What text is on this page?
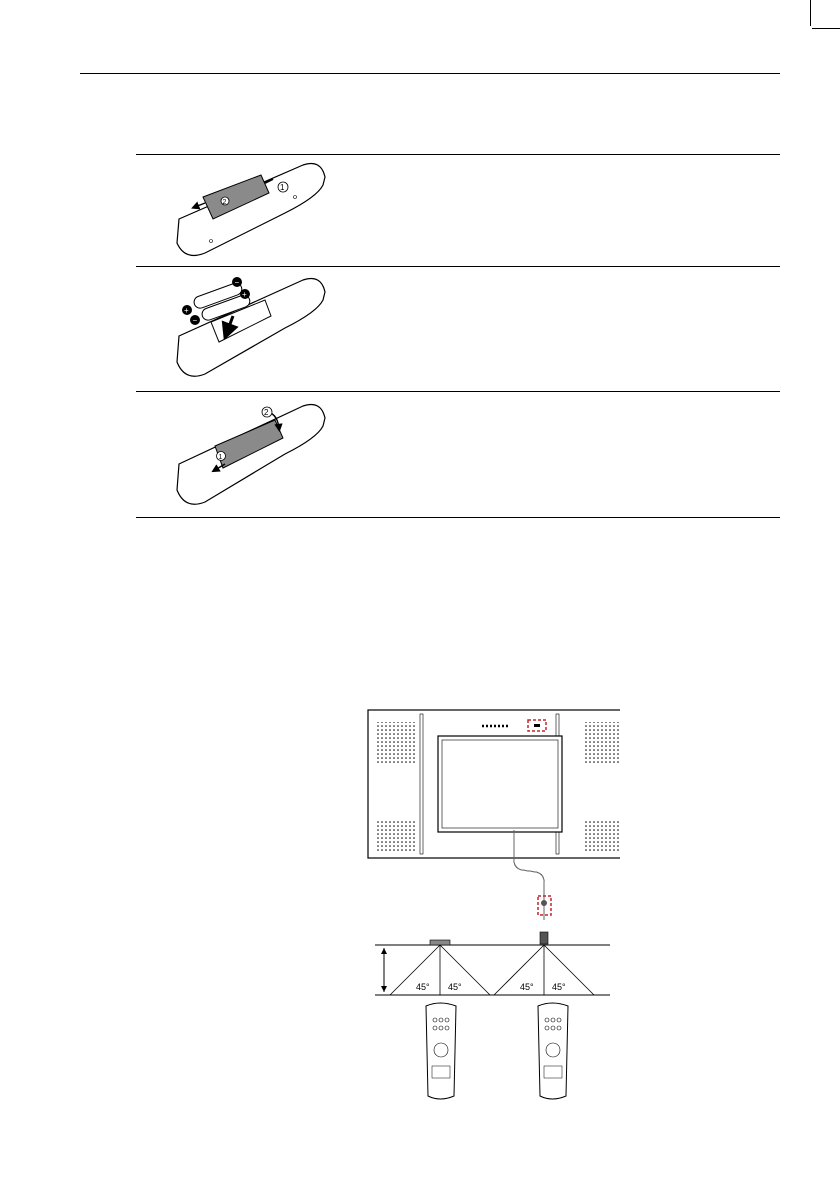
2
1
+
−
+
−
2
1
45° 45°	45° 45°
